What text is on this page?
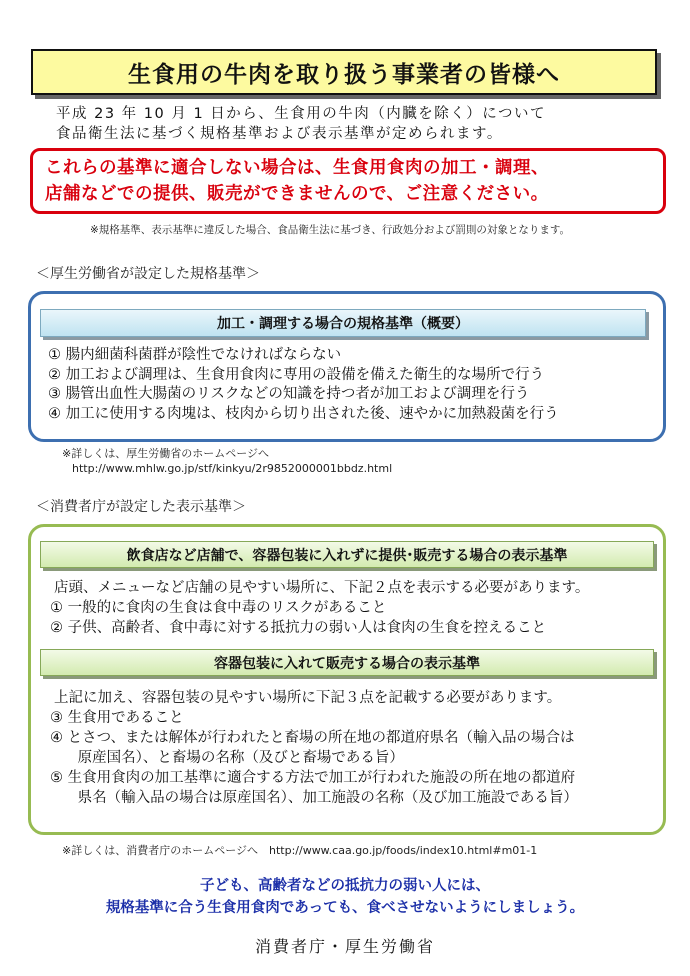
生食用の牛肉を取り扱う事業者の皆様へ
平成 23 年 10 月 1 日から、生食用の牛肉（内臓を除く）について
食品衛生法に基づく規格基準および表示基準が定められます。
これらの基準に適合しない場合は、生食用食肉の加工・調理、
店舗などでの提供、販売ができませんので、ご注意ください。
※規格基準、表示基準に違反した場合、食品衛生法に基づき、行政処分および罰則の対象となります。
＜厚生労働省が設定した規格基準＞
加工・調理する場合の規格基準（概要）
① 腸内細菌科菌群が陰性でなければならない
② 加工および調理は、生食用食肉に専用の設備を備えた衛生的な場所で行う
③ 腸管出血性大腸菌のリスクなどの知識を持つ者が加工および調理を行う
④ 加工に使用する肉塊は、枝肉から切り出された後、速やかに加熱殺菌を行う
※詳しくは、厚生労働省のホームページへ
http://www.mhlw.go.jp/stf/kinkyu/2r9852000001bbdz.html
＜消費者庁が設定した表示基準＞
飲食店など店舗で、容器包装に入れずに提供･販売する場合の表示基準
店頭、メニューなど店舗の見やすい場所に、下記２点を表示する必要があります。
① 一般的に食肉の生食は食中毒のリスクがあること
② 子供、高齢者、食中毒に対する抵抗力の弱い人は食肉の生食を控えること
容器包装に入れて販売する場合の表示基準
上記に加え、容器包装の見やすい場所に下記３点を記載する必要があります。
③ 生食用であること
④ とさつ、または解体が行われたと畜場の所在地の都道府県名（輸入品の場合は
原産国名）、と畜場の名称（及びと畜場である旨）
⑤ 生食用食肉の加工基準に適合する方法で加工が行われた施設の所在地の都道府
県名（輸入品の場合は原産国名）、加工施設の名称（及び加工施設である旨）
※詳しくは、消費者庁のホームページへ　http://www.caa.go.jp/foods/index10.html#m01-1
子ども、高齢者などの抵抗力の弱い人には、
規格基準に合う生食用食肉であっても、食べさせないようにしましょう。
消費者庁・厚生労働省
